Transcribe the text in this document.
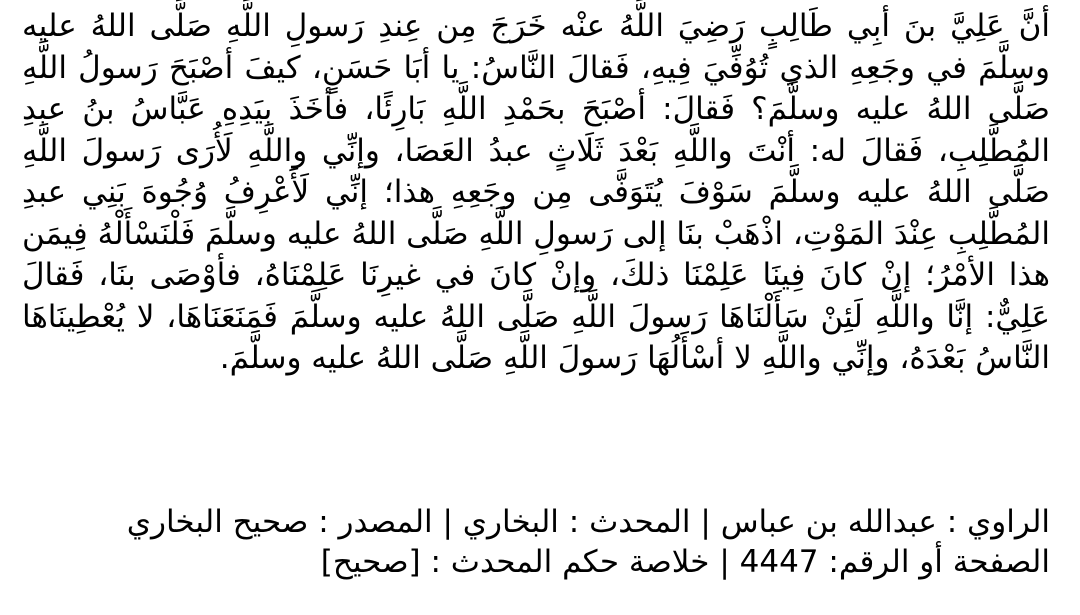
أنَّ عَلِيَّ بنَ أبِي طَالِبٍ رَضِيَ اللَّهُ عنْه خَرَجَ مِن عِندِ رَسولِ اللَّهِ صَلَّى اللهُ عليه وسلَّمَ في وجَعِهِ الذي تُوُفِّيَ فِيهِ، فَقالَ النَّاسُ: يا أبَا حَسَنٍ، كيفَ أصْبَحَ رَسولُ اللَّهِ صَلَّى اللهُ عليه وسلَّمَ؟ فَقالَ: أصْبَحَ بحَمْدِ اللَّهِ بَارِئًا، فأخَذَ بيَدِهِ عَبَّاسُ بنُ عبدِ المُطَّلِبِ، فَقالَ له: أنْتَ واللَّهِ بَعْدَ ثَلَاثٍ عبدُ العَصَا، وإنِّي واللَّهِ لَأُرَى رَسولَ اللَّهِ صَلَّى اللهُ عليه وسلَّمَ سَوْفَ يُتَوَفَّى مِن وجَعِهِ هذا؛ إنِّي لَأَعْرِفُ وُجُوهَ بَنِي عبدِ المُطَّلِبِ عِنْدَ المَوْتِ، اذْهَبْ بنَا إلى رَسولِ اللَّهِ صَلَّى اللهُ عليه وسلَّمَ فَلْنَسْأَلْهُ فِيمَن هذا الأمْرُ؛ إنْ كانَ فِينَا عَلِمْنَا ذلكَ، وإنْ كانَ في غيرِنَا عَلِمْنَاهُ، فأوْصَى بنَا، فَقالَ عَلِيٌّ: إنَّا واللَّهِ لَئِنْ سَأَلْنَاهَا رَسولَ اللَّهِ صَلَّى اللهُ عليه وسلَّمَ فَمَنَعَنَاهَا، لا يُعْطِينَاهَا النَّاسُ بَعْدَهُ، وإنِّي واللَّهِ لا أسْأَلُهَا رَسولَ اللَّهِ صَلَّى اللهُ عليه وسلَّمَ.

الراوي : عبدالله بن عباس | المحدث : البخاري | المصدر : صحيح البخاري
الصفحة أو الرقم: 4447 | خلاصة حكم المحدث : [صحيح]
